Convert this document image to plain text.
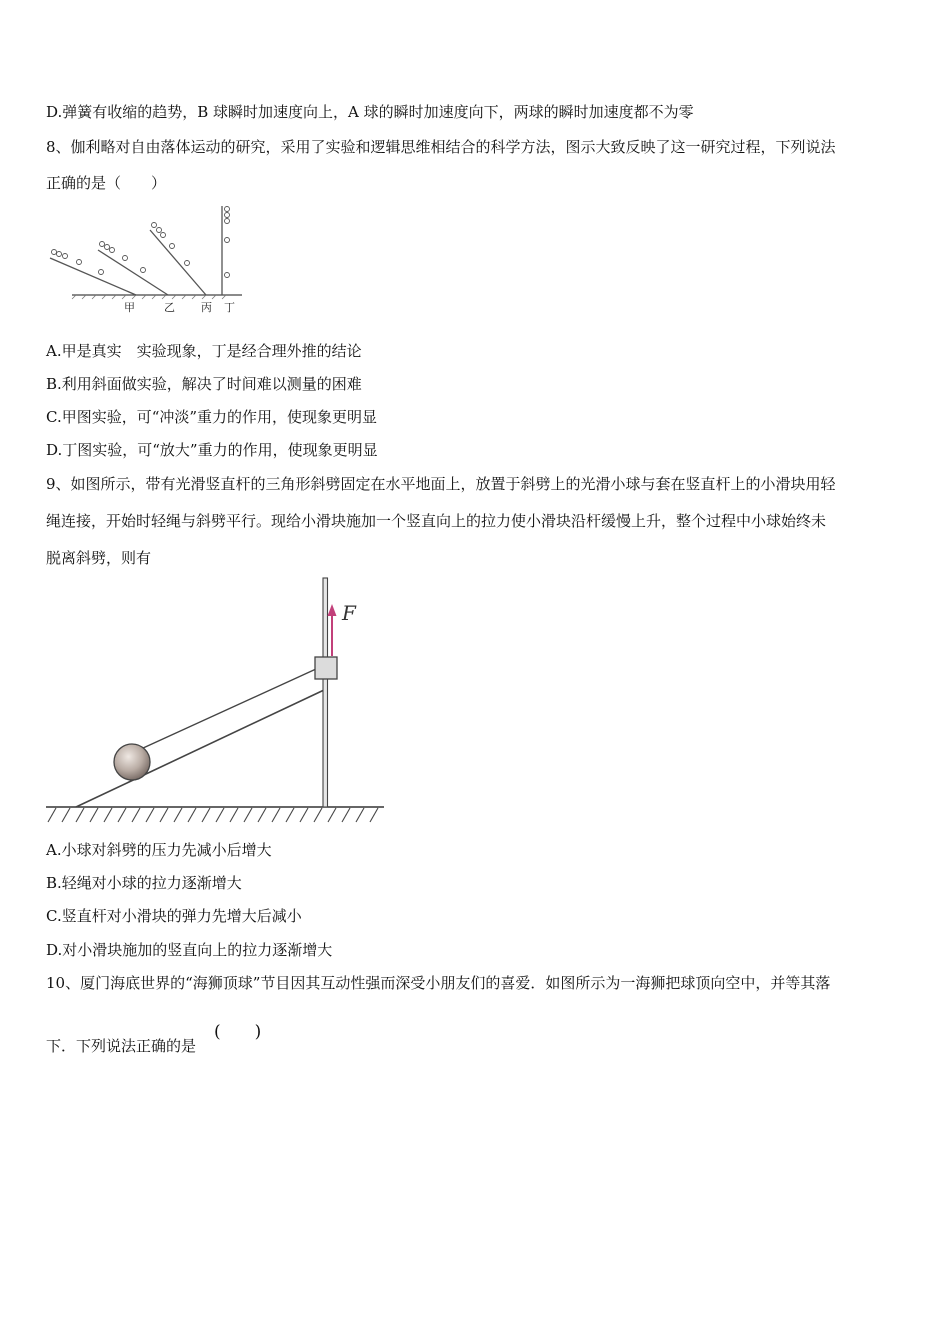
D.弹簧有收缩的趋势，B 球瞬时加速度向上，A 球的瞬时加速度向下，两球的瞬时加速度都不为零
8、伽利略对自由落体运动的研究，采用了实验和逻辑思维相结合的科学方法，图示大致反映了这一研究过程，下列说法
正确的是（　　）
甲	乙 丙 丁
A.甲是真实　实验现象，丁是经合理外推的结论
B.利用斜面做实验，解决了时间难以测量的困难
C.甲图实验，可“冲淡”重力的作用，使现象更明显
D.丁图实验，可“放大”重力的作用，使现象更明显
9、如图所示，带有光滑竖直杆的三角形斜劈固定在水平地面上，放置于斜劈上的光滑小球与套在竖直杆上的小滑块用轻
绳连接，开始时轻绳与斜劈平行。现给小滑块施加一个竖直向上的拉力使小滑块沿杆缓慢上升，整个过程中小球始终未
脱离斜劈，则有
F
A.小球对斜劈的压力先减小后增大
B.轻绳对小球的拉力逐渐增大
C.竖直杆对小滑块的弹力先增大后减小
D.对小滑块施加的竖直向上的拉力逐渐增大
10、厦门海底世界的“海狮顶球”节目因其互动性强而深受小朋友们的喜爱．如图所示为一海狮把球顶向空中，并等其落
下．下列说法正确的是
(　　)
